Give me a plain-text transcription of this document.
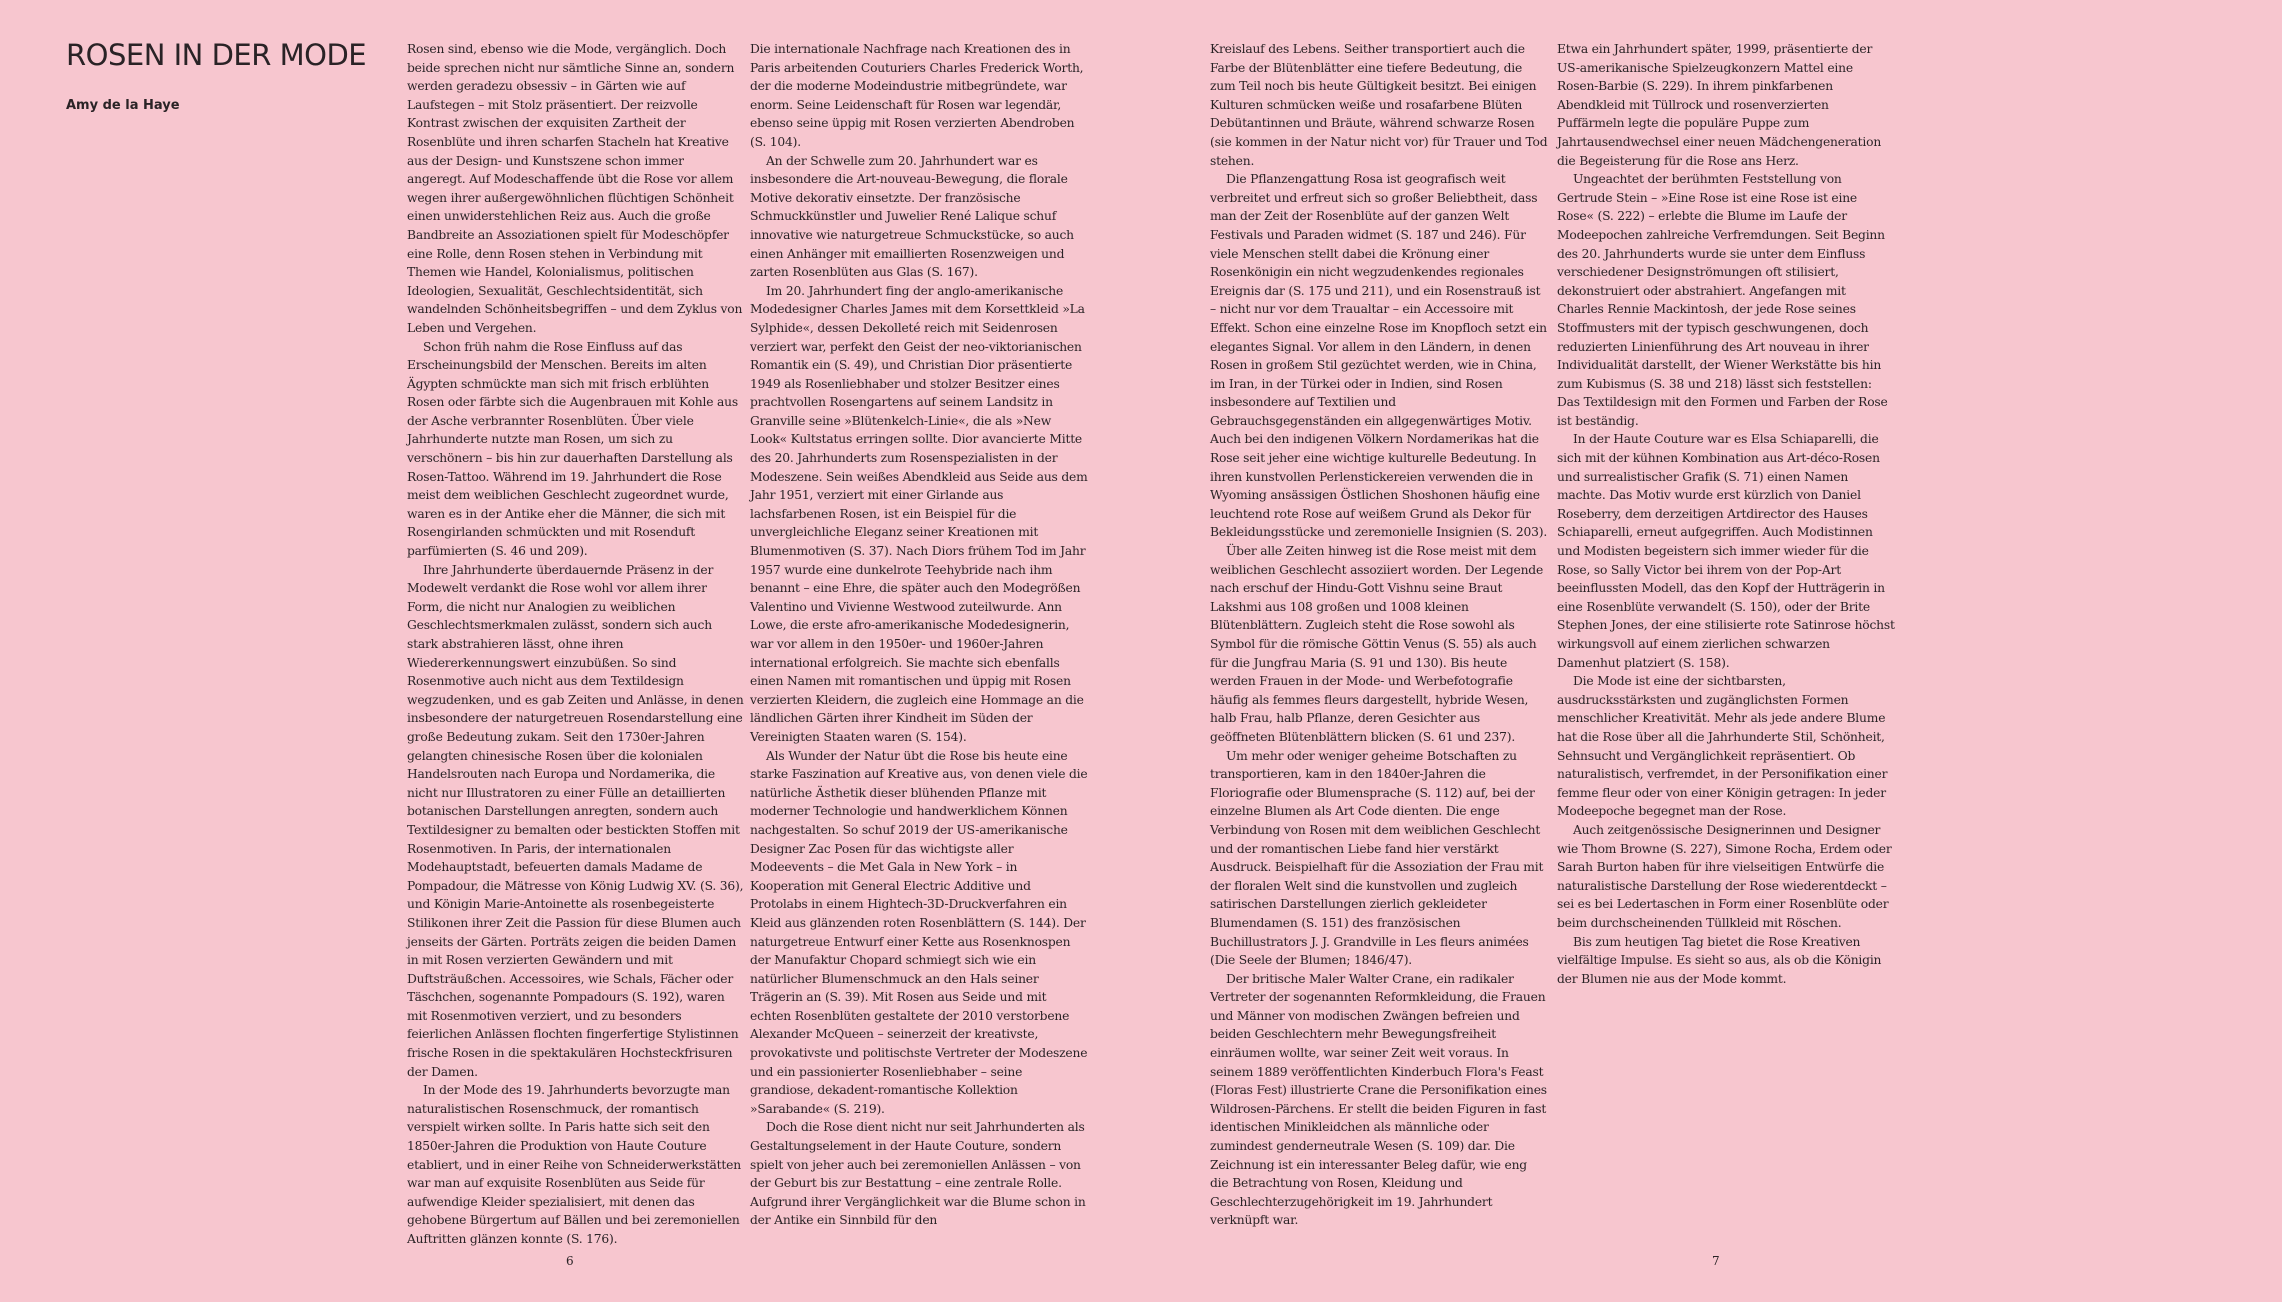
ROSEN IN DER MODE
Amy de la Haye

Rosen sind, ebenso wie die Mode, vergänglich. Doch beide sprechen nicht nur sämtliche Sinne an, sondern werden geradezu obsessiv – in Gärten wie auf Laufstegen – mit Stolz präsentiert. Der reizvolle Kontrast zwischen der exquisiten Zartheit der Rosenblüte und ihren scharfen Stacheln hat Kreative aus der Design- und Kunstszene schon immer angeregt. Auf Modeschaffende übt die Rose vor allem wegen ihrer außergewöhnlichen flüchtigen Schönheit einen unwiderstehlichen Reiz aus. Auch die große Bandbreite an Assoziationen spielt für Modeschöpfer eine Rolle, denn Rosen stehen in Verbindung mit Themen wie Handel, Kolonialismus, politischen Ideologien, Sexualität, Geschlechtsidentität, sich wandelnden Schönheitsbegriffen – und dem Zyklus von Leben und Vergehen.

Schon früh nahm die Rose Einfluss auf das Erscheinungsbild der Menschen. Bereits im alten Ägypten schmückte man sich mit frisch erblühten Rosen oder färbte sich die Augenbrauen mit Kohle aus der Asche verbrannter Rosenblüten. Über viele Jahrhunderte nutzte man Rosen, um sich zu verschönern – bis hin zur dauerhaften Darstellung als Rosen-Tattoo. Während im 19. Jahrhundert die Rose meist dem weiblichen Geschlecht zugeordnet wurde, waren es in der Antike eher die Männer, die sich mit Rosengirlanden schmückten und mit Rosenduft parfümierten (S. 46 und 209).

Ihre Jahrhunderte überdauernde Präsenz in der Modewelt verdankt die Rose wohl vor allem ihrer Form, die nicht nur Analogien zu weiblichen Geschlechtsmerkmalen zulässt, sondern sich auch stark abstrahieren lässt, ohne ihren Wiedererkennungswert einzubüßen. So sind Rosenmotive auch nicht aus dem Textildesign wegzudenken, und es gab Zeiten und Anlässe, in denen insbesondere der naturgetreuen Rosendarstellung eine große Bedeutung zukam. Seit den 1730er-Jahren gelangten chinesische Rosen über die kolonialen Handelsrouten nach Europa und Nordamerika, die nicht nur Illustratoren zu einer Fülle an detaillierten botanischen Darstellungen anregten, sondern auch Textildesigner zu bemalten oder bestickten Stoffen mit Rosenmotiven. In Paris, der internationalen Modehauptstadt, befeuerten damals Madame de Pompadour, die Mätresse von König Ludwig XV. (S. 36), und Königin Marie-Antoinette als rosenbegeisterte Stilikonen ihrer Zeit die Passion für diese Blumen auch jenseits der Gärten. Porträts zeigen die beiden Damen in mit Rosen verzierten Gewändern und mit Duftsträußchen. Accessoires, wie Schals, Fächer oder Täschchen, sogenannte Pompadours (S. 192), waren mit Rosenmotiven verziert, und zu besonders feierlichen Anlässen flochten fingerfertige Stylistinnen frische Rosen in die spektakulären Hochsteckfrisuren der Damen.

In der Mode des 19. Jahrhunderts bevorzugte man naturalistischen Rosenschmuck, der romantisch verspielt wirken sollte. In Paris hatte sich seit den 1850er-Jahren die Produktion von Haute Couture etabliert, und in einer Reihe von Schneiderwerkstätten war man auf exquisite Rosenblüten aus Seide für aufwendige Kleider spezialisiert, mit denen das gehobene Bürgertum auf Bällen und bei zeremoniellen Auftritten glänzen konnte (S. 176).

Die internationale Nachfrage nach Kreationen des in Paris arbeitenden Couturiers Charles Frederick Worth, der die moderne Modeindustrie mitbegründete, war enorm. Seine Leidenschaft für Rosen war legendär, ebenso seine üppig mit Rosen verzierten Abendroben (S. 104).

An der Schwelle zum 20. Jahrhundert war es insbesondere die Art-nouveau-Bewegung, die florale Motive dekorativ einsetzte. Der französische Schmuckkünstler und Juwelier René Lalique schuf innovative wie naturgetreue Schmuckstücke, so auch einen Anhänger mit emaillierten Rosenzweigen und zarten Rosenblüten aus Glas (S. 167).

Im 20. Jahrhundert fing der anglo-amerikanische Modedesigner Charles James mit dem Korsettkleid »La Sylphide«, dessen Dekolleté reich mit Seidenrosen verziert war, perfekt den Geist der neo-viktorianischen Romantik ein (S. 49), und Christian Dior präsentierte 1949 als Rosenliebhaber und stolzer Besitzer eines prachtvollen Rosengartens auf seinem Landsitz in Granville seine »Blütenkelch-Linie«, die als »New Look« Kultstatus erringen sollte. Dior avancierte Mitte des 20. Jahrhunderts zum Rosenspezialisten in der Modeszene. Sein weißes Abendkleid aus Seide aus dem Jahr 1951, verziert mit einer Girlande aus lachsfarbenen Rosen, ist ein Beispiel für die unvergleichliche Eleganz seiner Kreationen mit Blumenmotiven (S. 37). Nach Diors frühem Tod im Jahr 1957 wurde eine dunkelrote Teehybride nach ihm benannt – eine Ehre, die später auch den Modegrößen Valentino und Vivienne Westwood zuteilwurde. Ann Lowe, die erste afro-amerikanische Modedesignerin, war vor allem in den 1950er- und 1960er-Jahren international erfolgreich. Sie machte sich ebenfalls einen Namen mit romantischen und üppig mit Rosen verzierten Kleidern, die zugleich eine Hommage an die ländlichen Gärten ihrer Kindheit im Süden der Vereinigten Staaten waren (S. 154).

Als Wunder der Natur übt die Rose bis heute eine starke Faszination auf Kreative aus, von denen viele die natürliche Ästhetik dieser blühenden Pflanze mit moderner Technologie und handwerklichem Können nachgestalten. So schuf 2019 der US-amerikanische Designer Zac Posen für das wichtigste aller Modeevents – die Met Gala in New York – in Kooperation mit General Electric Additive und Protolabs in einem Hightech-3D-Druckverfahren ein Kleid aus glänzenden roten Rosenblättern (S. 144). Der naturgetreue Entwurf einer Kette aus Rosenknospen der Manufaktur Chopard schmiegt sich wie ein natürlicher Blumenschmuck an den Hals seiner Trägerin an (S. 39). Mit Rosen aus Seide und mit echten Rosenblüten gestaltete der 2010 verstorbene Alexander McQueen – seinerzeit der kreativste, provokativste und politischste Vertreter der Modeszene und ein passionierter Rosenliebhaber – seine grandiose, dekadent-romantische Kollektion »Sarabande« (S. 219).

Doch die Rose dient nicht nur seit Jahrhunderten als Gestaltungselement in der Haute Couture, sondern spielt von jeher auch bei zeremoniellen Anlässen – von der Geburt bis zur Bestattung – eine zentrale Rolle. Aufgrund ihrer Vergänglichkeit war die Blume schon in der Antike ein Sinnbild für den

6

Kreislauf des Lebens. Seither transportiert auch die Farbe der Blütenblätter eine tiefere Bedeutung, die zum Teil noch bis heute Gültigkeit besitzt. Bei einigen Kulturen schmücken weiße und rosafarbene Blüten Debütantinnen und Bräute, während schwarze Rosen (sie kommen in der Natur nicht vor) für Trauer und Tod stehen.

Die Pflanzengattung Rosa ist geografisch weit verbreitet und erfreut sich so großer Beliebtheit, dass man der Zeit der Rosenblüte auf der ganzen Welt Festivals und Paraden widmet (S. 187 und 246). Für viele Menschen stellt dabei die Krönung einer Rosenkönigin ein nicht wegzudenkendes regionales Ereignis dar (S. 175 und 211), und ein Rosenstrauß ist – nicht nur vor dem Traualtar – ein Accessoire mit Effekt. Schon eine einzelne Rose im Knopfloch setzt ein elegantes Signal. Vor allem in den Ländern, in denen Rosen in großem Stil gezüchtet werden, wie in China, im Iran, in der Türkei oder in Indien, sind Rosen insbesondere auf Textilien und Gebrauchsgegenständen ein allgegenwärtiges Motiv. Auch bei den indigenen Völkern Nordamerikas hat die Rose seit jeher eine wichtige kulturelle Bedeutung. In ihren kunstvollen Perlenstickereien verwenden die in Wyoming ansässigen Östlichen Shoshonen häufig eine leuchtend rote Rose auf weißem Grund als Dekor für Bekleidungsstücke und zeremonielle Insignien (S. 203).

Über alle Zeiten hinweg ist die Rose meist mit dem weiblichen Geschlecht assoziiert worden. Der Legende nach erschuf der Hindu-Gott Vishnu seine Braut Lakshmi aus 108 großen und 1008 kleinen Blütenblättern. Zugleich steht die Rose sowohl als Symbol für die römische Göttin Venus (S. 55) als auch für die Jungfrau Maria (S. 91 und 130). Bis heute werden Frauen in der Mode- und Werbefotografie häufig als femmes fleurs dargestellt, hybride Wesen, halb Frau, halb Pflanze, deren Gesichter aus geöffneten Blütenblättern blicken (S. 61 und 237).

Um mehr oder weniger geheime Botschaften zu transportieren, kam in den 1840er-Jahren die Floriografie oder Blumensprache (S. 112) auf, bei der einzelne Blumen als Art Code dienten. Die enge Verbindung von Rosen mit dem weiblichen Geschlecht und der romantischen Liebe fand hier verstärkt Ausdruck. Beispielhaft für die Assoziation der Frau mit der floralen Welt sind die kunstvollen und zugleich satirischen Darstellungen zierlich gekleideter Blumendamen (S. 151) des französischen Buchillustrators J. J. Grandville in Les fleurs animées (Die Seele der Blumen; 1846/47).

Der britische Maler Walter Crane, ein radikaler Vertreter der sogenannten Reformkleidung, die Frauen und Männer von modischen Zwängen befreien und beiden Geschlechtern mehr Bewegungsfreiheit einräumen wollte, war seiner Zeit weit voraus. In seinem 1889 veröffentlichten Kinderbuch Flora's Feast (Floras Fest) illustrierte Crane die Personifikation eines Wildrosen-Pärchens. Er stellt die beiden Figuren in fast identischen Minikleidchen als männliche oder zumindest genderneutrale Wesen (S. 109) dar. Die Zeichnung ist ein interessanter Beleg dafür, wie eng die Betrachtung von Rosen, Kleidung und Geschlechterzugehörigkeit im 19. Jahrhundert verknüpft war.

Etwa ein Jahrhundert später, 1999, präsentierte der US-amerikanische Spielzeugkonzern Mattel eine Rosen-Barbie (S. 229). In ihrem pinkfarbenen Abendkleid mit Tüllrock und rosenverzierten Puffärmeln legte die populäre Puppe zum Jahrtausendwechsel einer neuen Mädchengeneration die Begeisterung für die Rose ans Herz.

Ungeachtet der berühmten Feststellung von Gertrude Stein – »Eine Rose ist eine Rose ist eine Rose« (S. 222) – erlebte die Blume im Laufe der Modeepochen zahlreiche Verfremdungen. Seit Beginn des 20. Jahrhunderts wurde sie unter dem Einfluss verschiedener Designströmungen oft stilisiert, dekonstruiert oder abstrahiert. Angefangen mit Charles Rennie Mackintosh, der jede Rose seines Stoffmusters mit der typisch geschwungenen, doch reduzierten Linienführung des Art nouveau in ihrer Individualität darstellt, der Wiener Werkstätte bis hin zum Kubismus (S. 38 und 218) lässt sich feststellen: Das Textildesign mit den Formen und Farben der Rose ist beständig.

In der Haute Couture war es Elsa Schiaparelli, die sich mit der kühnen Kombination aus Art-déco-Rosen und surrealistischer Grafik (S. 71) einen Namen machte. Das Motiv wurde erst kürzlich von Daniel Roseberry, dem derzeitigen Artdirector des Hauses Schiaparelli, erneut aufgegriffen. Auch Modistinnen und Modisten begeistern sich immer wieder für die Rose, so Sally Victor bei ihrem von der Pop-Art beeinflussten Modell, das den Kopf der Hutträgerin in eine Rosenblüte verwandelt (S. 150), oder der Brite Stephen Jones, der eine stilisierte rote Satinrose höchst wirkungsvoll auf einem zierlichen schwarzen Damenhut platziert (S. 158).

Die Mode ist eine der sichtbarsten, ausdrucksstärksten und zugänglichsten Formen menschlicher Kreativität. Mehr als jede andere Blume hat die Rose über all die Jahrhunderte Stil, Schönheit, Sehnsucht und Vergänglichkeit repräsentiert. Ob naturalistisch, verfremdet, in der Personifikation einer femme fleur oder von einer Königin getragen: In jeder Modeepoche begegnet man der Rose.

Auch zeitgenössische Designerinnen und Designer wie Thom Browne (S. 227), Simone Rocha, Erdem oder Sarah Burton haben für ihre vielseitigen Entwürfe die naturalistische Darstellung der Rose wiederentdeckt – sei es bei Ledertaschen in Form einer Rosenblüte oder beim durchscheinenden Tüllkleid mit Röschen.

Bis zum heutigen Tag bietet die Rose Kreativen vielfältige Impulse. Es sieht so aus, als ob die Königin der Blumen nie aus der Mode kommt.

7
